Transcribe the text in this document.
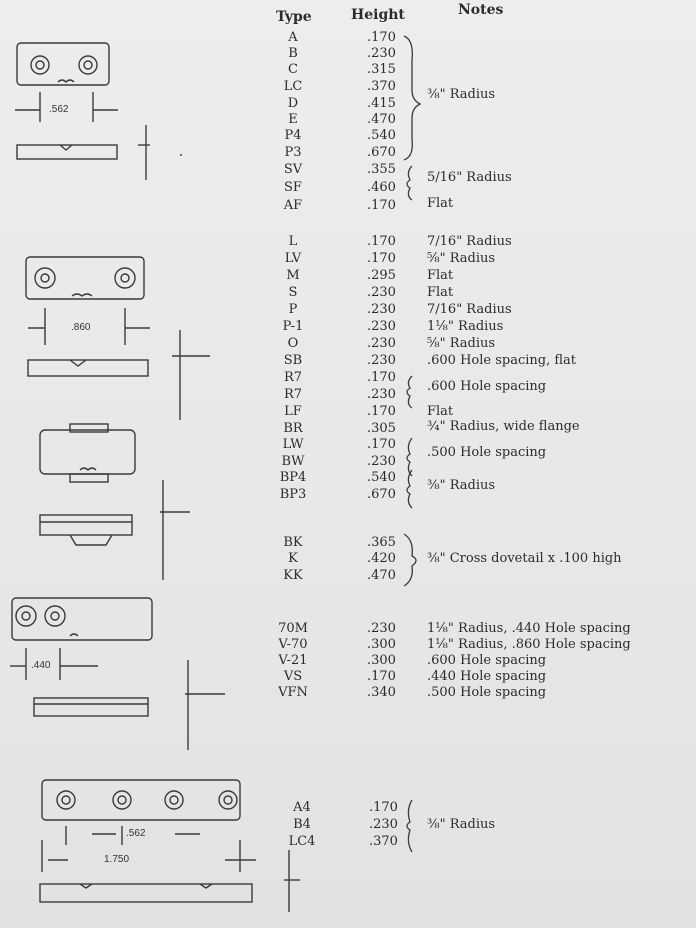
.562
.860
.440
.562
1.750
Type	Height	Notes
A
B
C
LC
D
E
P4
P3
SV
SF
AF
L
LV
M
S
P
P-1
O
SB
R7
R7
LF
BR
LW
BW
BP4
BP3
BK
K
KK
70M
V-70
V-21
VS
VFN
A4
B4
LC4
.170
.230
.315
.370
.415
.470
.540
.670
.355
.460
.170
.170
.170
.295
.230
.230
.230
.230
.230
.170
.230
.170
.305
.170
.230
.540
.670
.365
.420
.470
.230
.300
.300
.170
.340
.170
.230
.370
⅜" Radius
5/16" Radius
Flat
7/16" Radius
⅝" Radius
Flat
Flat
7/16" Radius
1⅛" Radius
⅝" Radius
.600 Hole spacing, flat
.600 Hole spacing
Flat
¾" Radius, wide flange
.500 Hole spacing
⅜" Radius
⅜" Cross dovetail x .100 high
1⅛" Radius, .440 Hole spacing
1⅛" Radius, .860 Hole spacing
.600 Hole spacing
.440 Hole spacing
.500 Hole spacing
⅜" Radius
